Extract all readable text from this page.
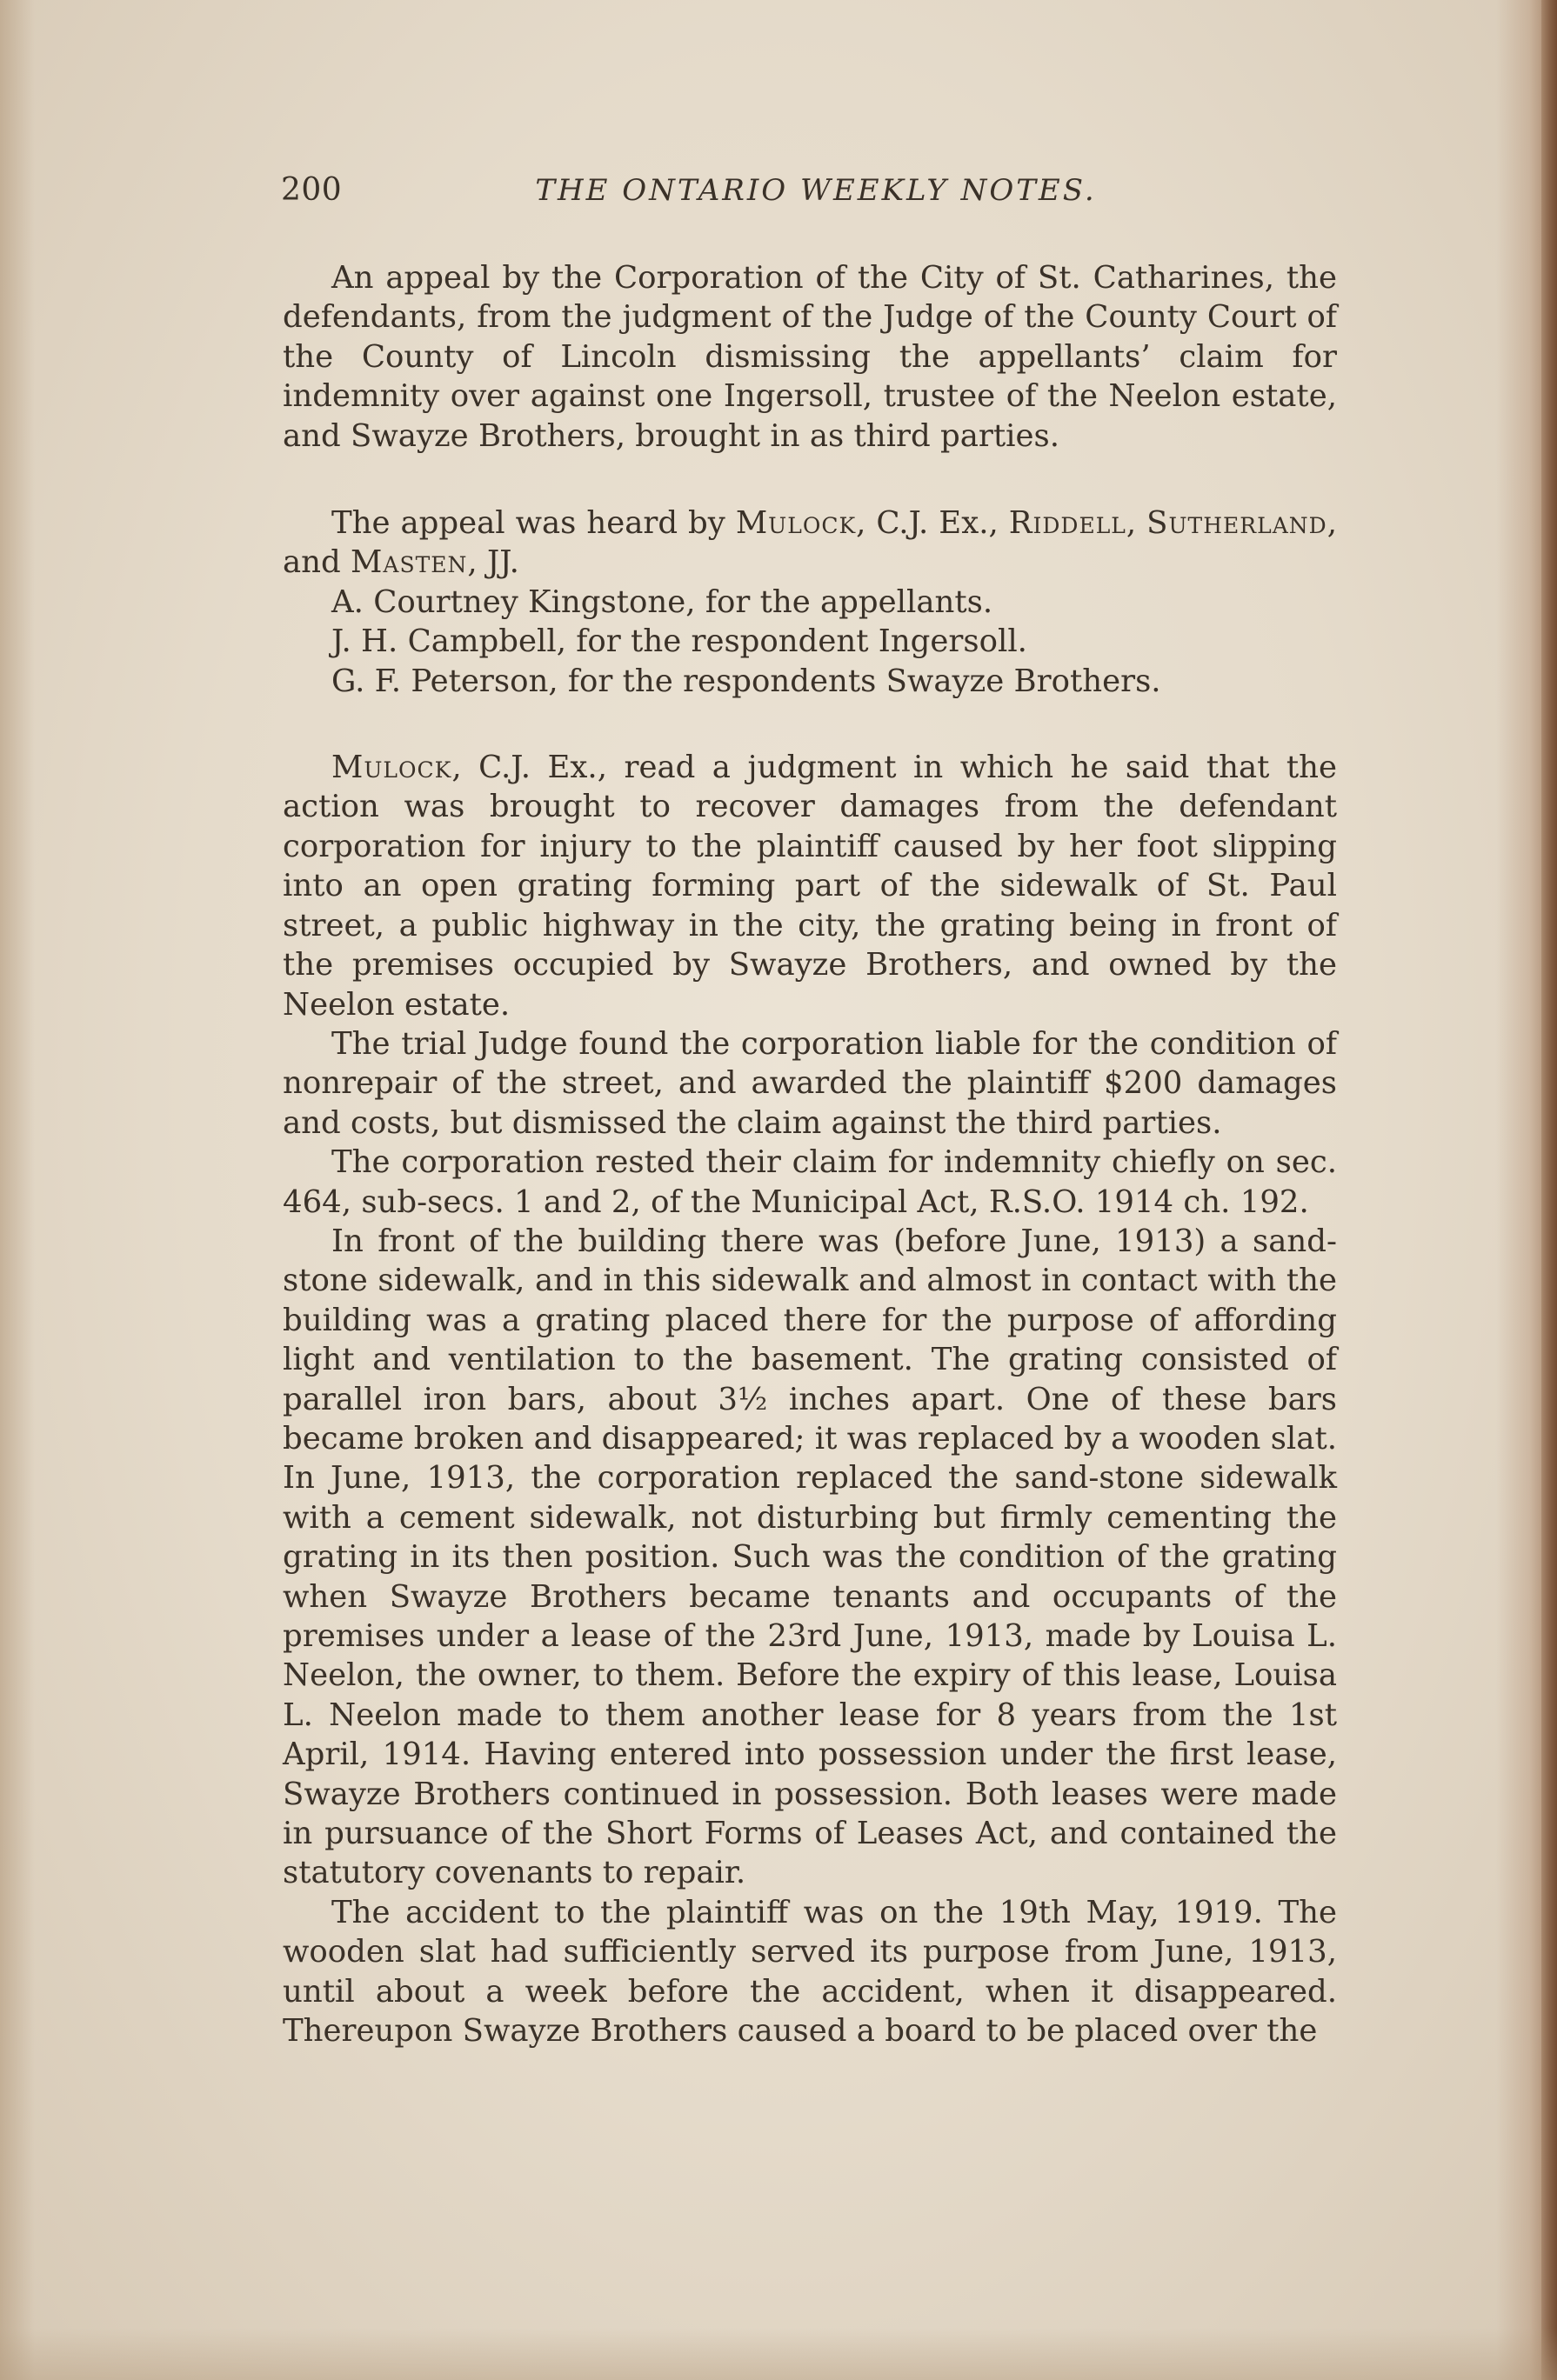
200	THE ONTARIO WEEKLY NOTES.

An appeal by the Corporation of the City of St. Catharines, the defendants, from the judgment of the Judge of the County Court of the County of Lincoln dismissing the appellants’ claim for indemnity over against one Ingersoll, trustee of the Neelon estate, and Swayze Brothers, brought in as third parties.

The appeal was heard by Mulock, C.J. Ex., Riddell, Sutherland, and Masten, JJ.

A. Courtney Kingstone, for the appellants.

J. H. Campbell, for the respondent Ingersoll.

G. F. Peterson, for the respondents Swayze Brothers.

Mulock, C.J. Ex., read a judgment in which he said that the action was brought to recover damages from the defendant corporation for injury to the plaintiff caused by her foot slipping into an open grating forming part of the sidewalk of St. Paul street, a public highway in the city, the grating being in front of the premises occupied by Swayze Brothers, and owned by the Neelon estate.

The trial Judge found the corporation liable for the condition of nonrepair of the street, and awarded the plaintiff $200 damages and costs, but dismissed the claim against the third parties.

The corporation rested their claim for indemnity chiefly on sec. 464, sub-secs. 1 and 2, of the Municipal Act, R.S.O. 1914 ch. 192.

In front of the building there was (before June, 1913) a sand-stone sidewalk, and in this sidewalk and almost in contact with the building was a grating placed there for the purpose of affording light and ventilation to the basement. The grating consisted of parallel iron bars, about 3½ inches apart. One of these bars became broken and disappeared; it was replaced by a wooden slat. In June, 1913, the corporation replaced the sand-stone sidewalk with a cement sidewalk, not disturbing but firmly cementing the grating in its then position. Such was the condition of the grating when Swayze Brothers became tenants and occupants of the premises under a lease of the 23rd June, 1913, made by Louisa L. Neelon, the owner, to them. Before the expiry of this lease, Louisa L. Neelon made to them another lease for 8 years from the 1st April, 1914. Having entered into possession under the first lease, Swayze Brothers continued in possession. Both leases were made in pursuance of the Short Forms of Leases Act, and contained the statutory covenants to repair.

The accident to the plaintiff was on the 19th May, 1919. The wooden slat had sufficiently served its purpose from June, 1913, until about a week before the accident, when it disappeared. Thereupon Swayze Brothers caused a board to be placed over the
